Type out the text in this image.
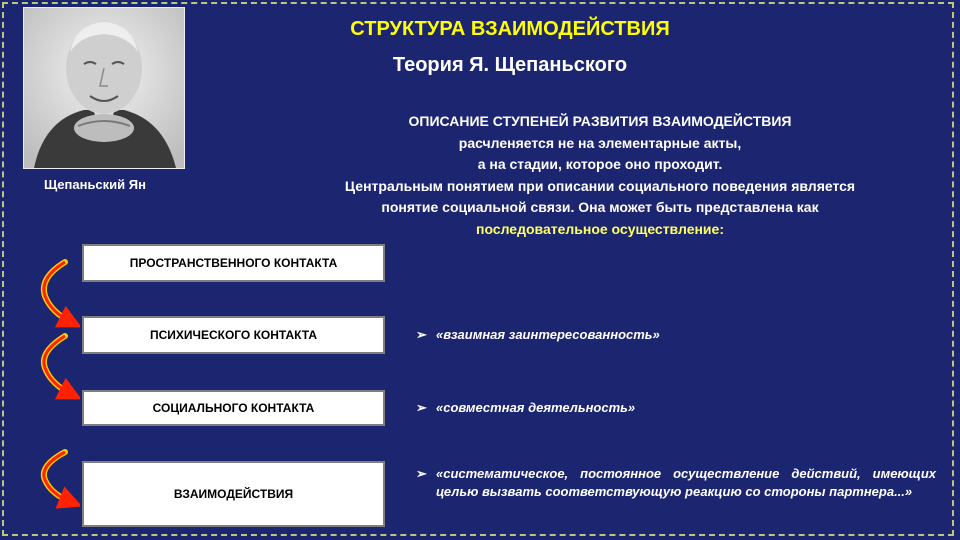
Щепаньский Ян
СТРУКТУРА ВЗАИМОДЕЙСТВИЯ
Теория Я. Щепаньского
ОПИСАНИЕ СТУПЕНЕЙ РАЗВИТИЯ ВЗАИМОДЕЙСТВИЯ
расчленяется не на элементарные акты,
а на стадии, которое оно проходит.
Центральным понятием при описании социального поведения является
понятие социальной связи. Она может быть представлена как
последовательное осуществление:
ПРОСТРАНСТВЕННОГО КОНТАКТА
ПСИХИЧЕСКОГО КОНТАКТА
СОЦИАЛЬНОГО КОНТАКТА
ВЗАИМОДЕЙСТВИЯ
➢ «взаимная заинтересованность»
➢ «совместная деятельность»
➢ «систематическое, постоянное осуществление действий, имеющих целью вызвать соответствующую реакцию со стороны партнера...»
